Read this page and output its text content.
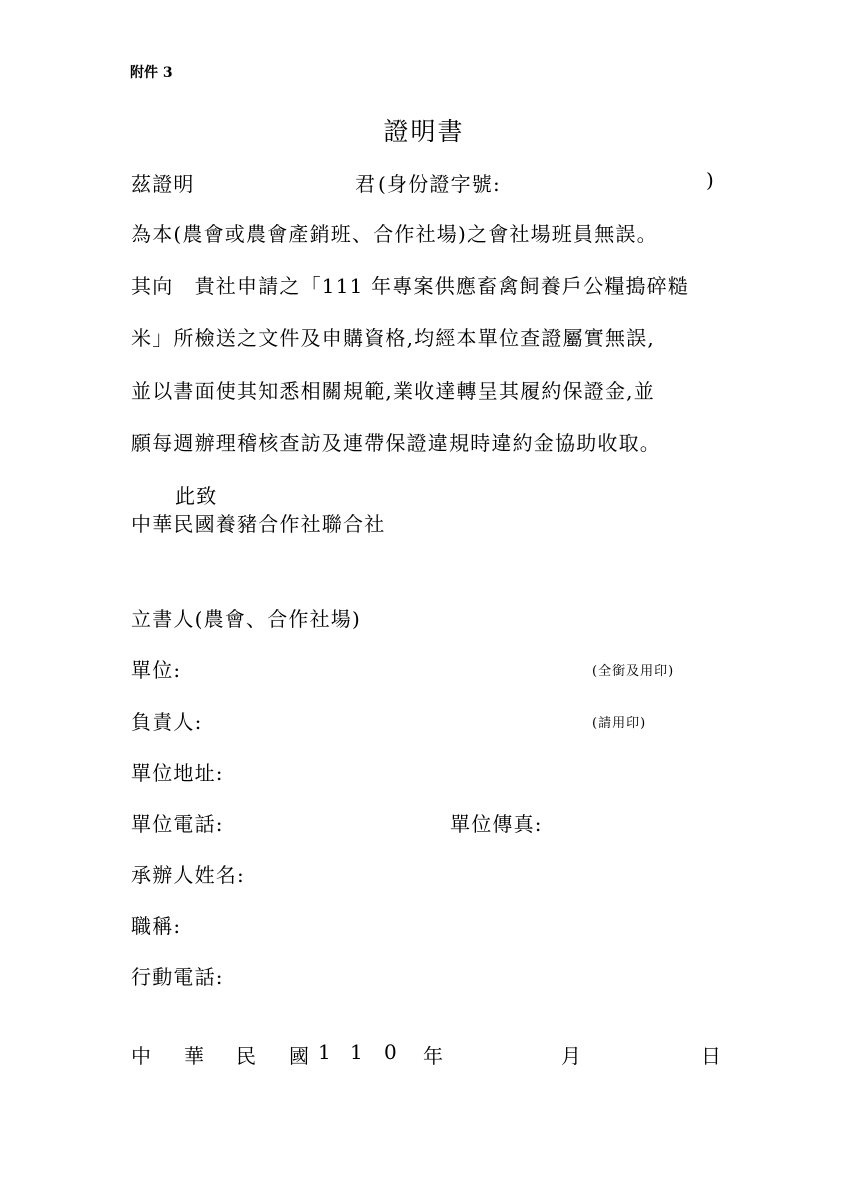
附件 3
證明書
茲證明	君 (身份證字號:	)
為本(農會或農會產銷班、合作社場)之會社場班員無誤。
其向　貴社申請之「111 年專案供應畜禽飼養戶公糧搗碎糙
米」所檢送之文件及申購資格,均經本單位查證屬實無誤,
並以書面使其知悉相關規範,業收達轉呈其履約保證金,並
願每週辦理稽核查訪及連帶保證違規時違約金協助收取。
此致
中華民國養豬合作社聯合社
立書人(農會、合作社場)
單位:	(全銜及用印)
負責人:	(請用印)
單位地址:
單位電話:	單位傳真:
承辦人姓名:
職稱:
行動電話:
中 華 民 國 1 1 0 年	月	日
